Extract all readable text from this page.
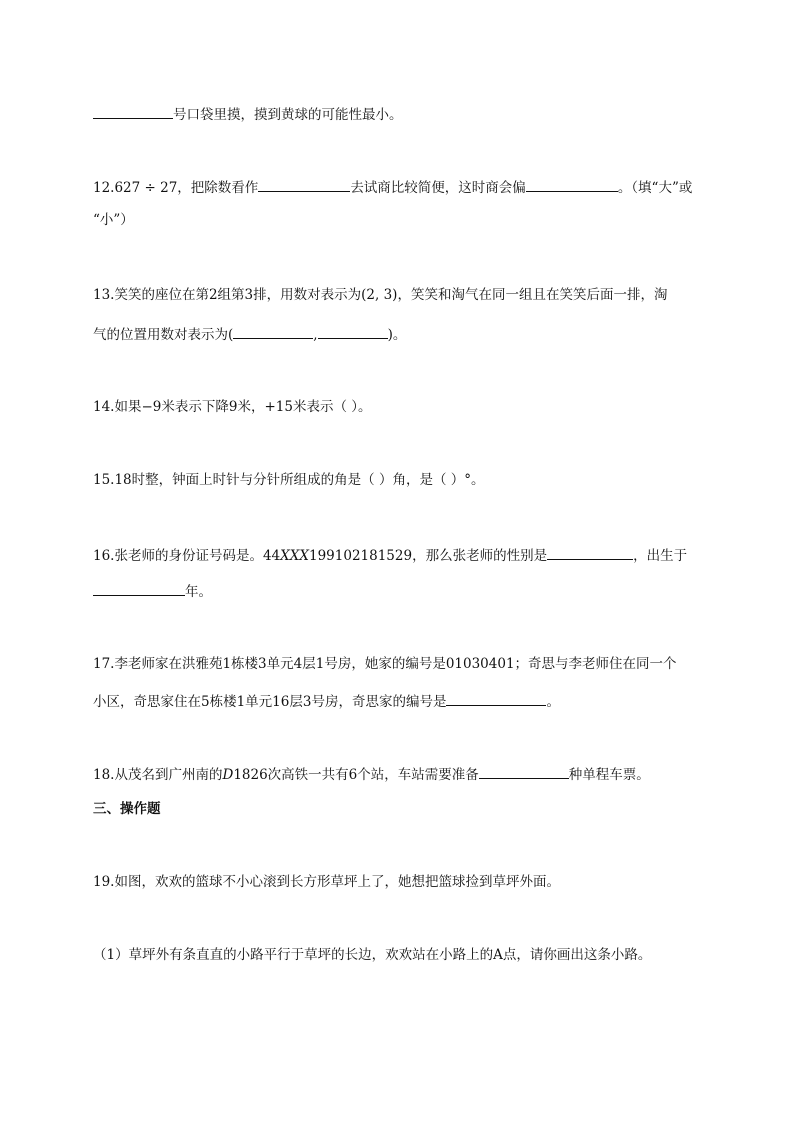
号口袋里摸，摸到黄球的可能性最小。
12.627 ÷ 27，把除数看作	去试商比较简便，这时商会偏	。（填“大”或
“小”）
13.笑笑的座位在第2组第3排，用数对表示为(2, 3)，笑笑和淘气在同一组且在笑笑后面一排，淘
气的位置用数对表示为(	,	)。
14.如果−9米表示下降9米，+15米表示（ ）。
15.18时整，钟面上时针与分针所组成的角是（ ）角，是（ ）°。
16.张老师的身份证号码是。44XXX199102181529，那么张老师的性别是	，出生于
年。
17.李老师家在洪雅苑1栋楼3单元4层1号房，她家的编号是01030401；奇思与李老师住在同一个
小区，奇思家住在5栋楼1单元16层3号房，奇思家的编号是	。
18.从茂名到广州南的D1826次高铁一共有6个站，车站需要准备	种单程车票。
三、操作题
19.如图，欢欢的篮球不小心滚到长方形草坪上了，她想把篮球捡到草坪外面。
（1）草坪外有条直直的小路平行于草坪的长边，欢欢站在小路上的A点，请你画出这条小路。
